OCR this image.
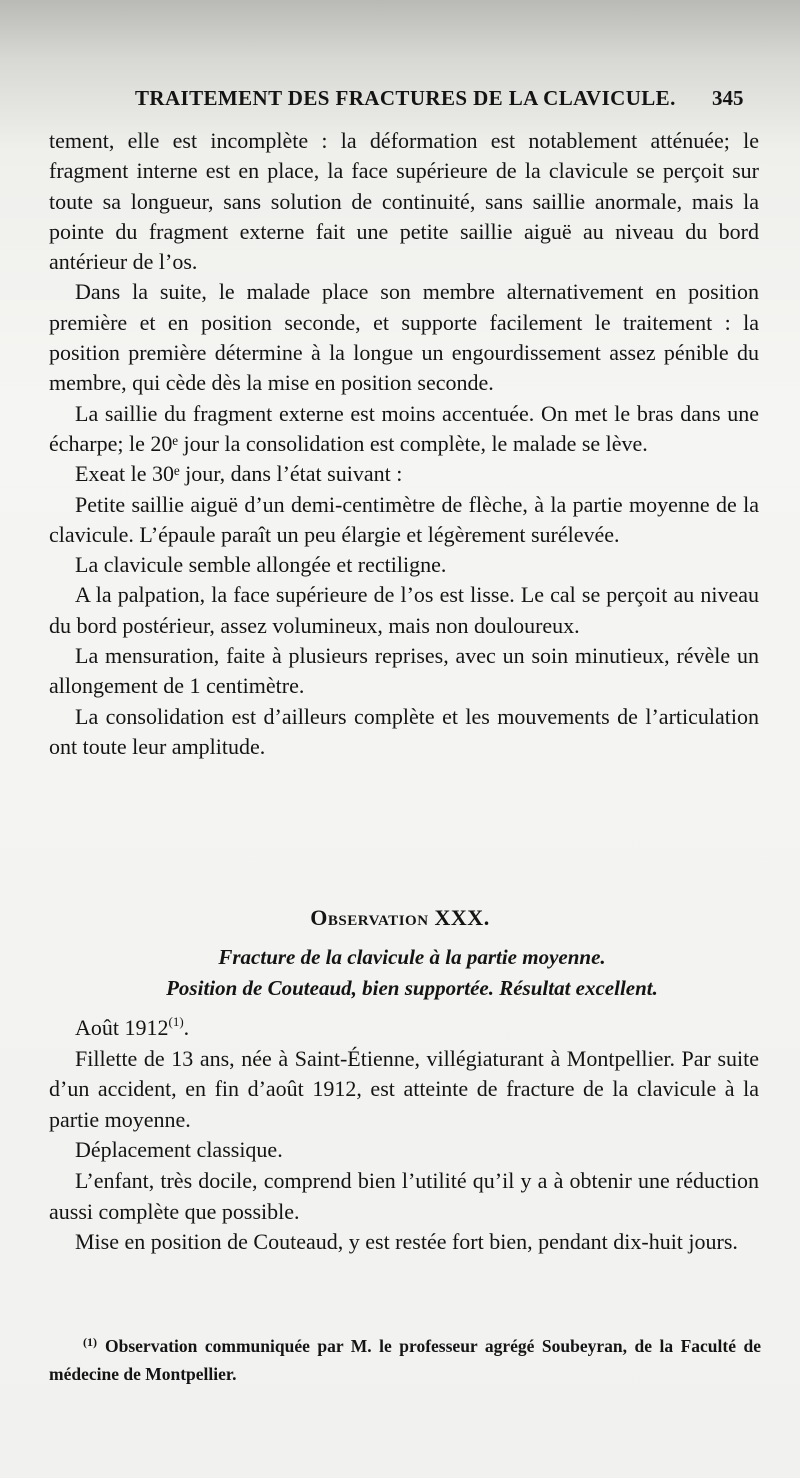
TRAITEMENT DES FRACTURES DE LA CLAVICULE. 345

tement, elle est incomplète : la déformation est notablement atténuée; le fragment interne est en place, la face supérieure de la clavicule se perçoit sur toute sa longueur, sans solution de continuité, sans saillie anormale, mais la pointe du fragment externe fait une petite saillie aiguë au niveau du bord antérieur de l’os.

Dans la suite, le malade place son membre alternativement en position première et en position seconde, et supporte facilement le traitement : la position première détermine à la longue un engourdissement assez pénible du membre, qui cède dès la mise en position seconde.

La saillie du fragment externe est moins accentuée. On met le bras dans une écharpe; le 20ᵉ jour la consolidation est complète, le malade se lève.

Exeat le 30ᵉ jour, dans l’état suivant :

Petite saillie aiguë d’un demi-centimètre de flèche, à la partie moyenne de la clavicule. L’épaule paraît un peu élargie et légèrement surélevée.

La clavicule semble allongée et rectiligne.

A la palpation, la face supérieure de l’os est lisse. Le cal se perçoit au niveau du bord postérieur, assez volumineux, mais non douloureux.

La mensuration, faite à plusieurs reprises, avec un soin minutieux, révèle un allongement de 1 centimètre.

La consolidation est d’ailleurs complète et les mouvements de l’articulation ont toute leur amplitude.

Observation XXX.
Fracture de la clavicule à la partie moyenne.
Position de Couteaud, bien supportée. Résultat excellent.

Août 1912$^{(1)}$.

Fillette de 13 ans, née à Saint-Étienne, villégiaturant à Montpellier. Par suite d’un accident, en fin d’août 1912, est atteinte de fracture de la clavicule à la partie moyenne.

Déplacement classique.

L’enfant, très docile, comprend bien l’utilité qu’il y a à obtenir une réduction aussi complète que possible.

Mise en position de Couteaud, y est restée fort bien, pendant dix-huit jours.

$^{(1)}$ Observation communiquée par M. le professeur agrégé Soubeyran, de la Faculté de médecine de Montpellier.
